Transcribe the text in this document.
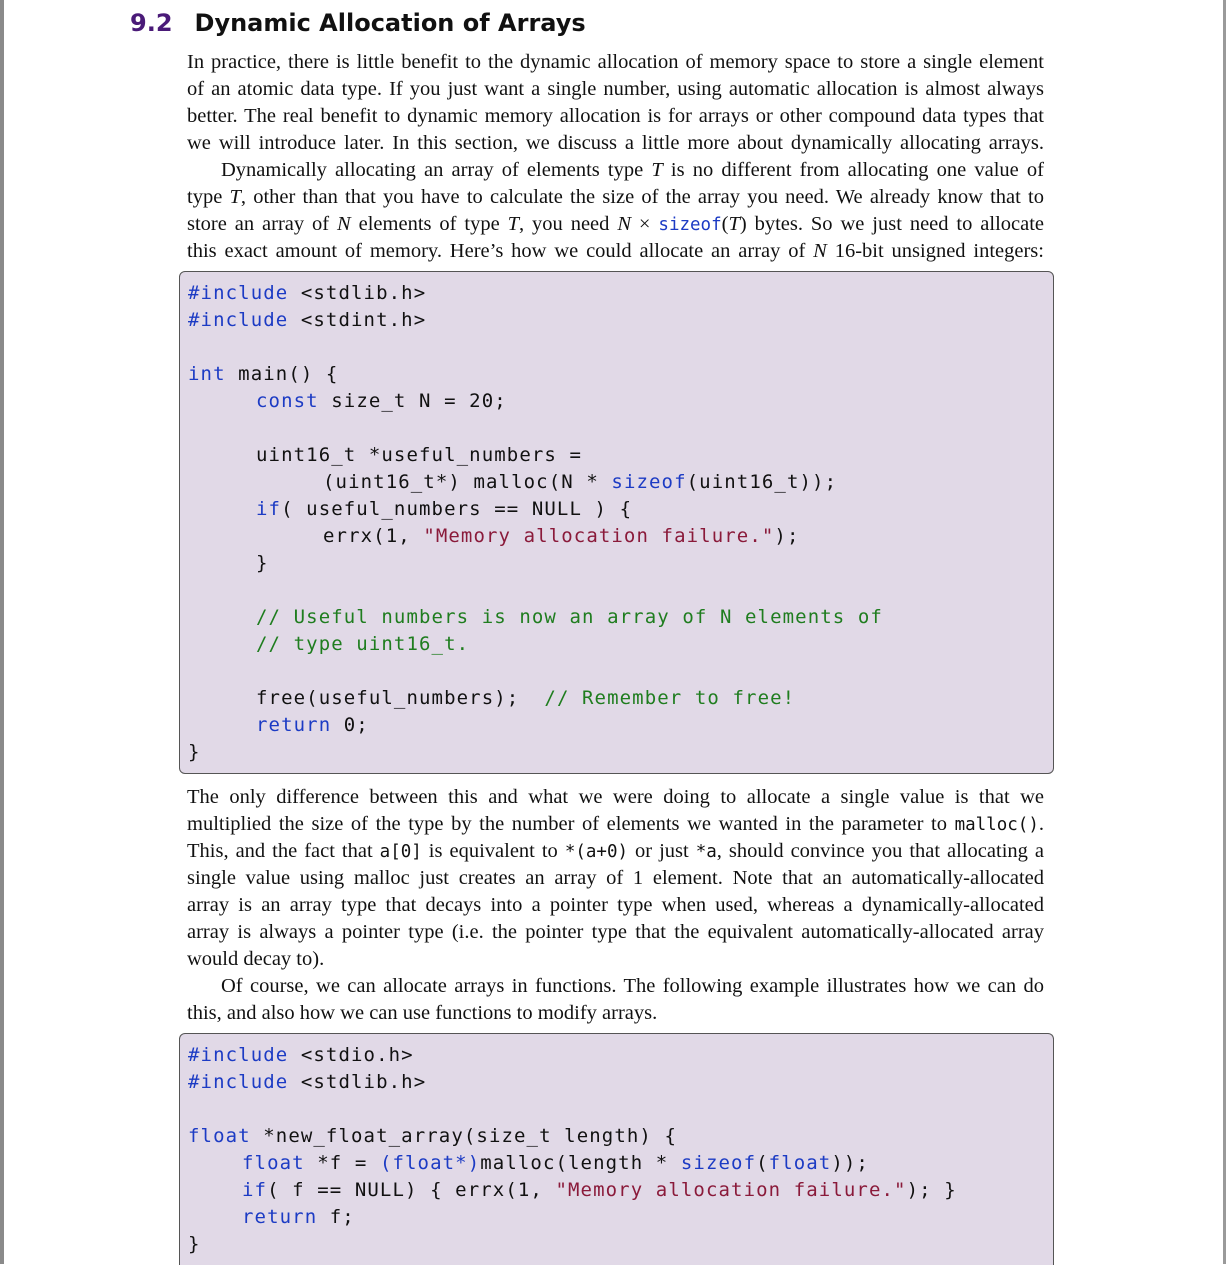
9.2 Dynamic Allocation of Arrays
In practice, there is little benefit to the dynamic allocation of memory space to store a single element
of an atomic data type. If you just want a single number, using automatic allocation is almost always
better. The real benefit to dynamic memory allocation is for arrays or other compound data types that
we will introduce later. In this section, we discuss a little more about dynamically allocating arrays.
Dynamically allocating an array of elements type T is no different from allocating one value of
type T, other than that you have to calculate the size of the array you need. We already know that to
store an array of N elements of type T, you need N × sizeof(T) bytes. So we just need to allocate
this exact amount of memory. Here’s how we could allocate an array of N 16-bit unsigned integers:
#include <stdlib.h>
#include <stdint.h>
int main() {
const size_t N = 20;
uint16_t *useful_numbers =
(uint16_t*) malloc(N * sizeof(uint16_t));
if( useful_numbers == NULL ) {
errx(1, "Memory allocation failure.");
}
// Useful numbers is now an array of N elements of
// type uint16_t.
free(useful_numbers);  // Remember to free!
return 0;
}
The only difference between this and what we were doing to allocate a single value is that we
multiplied the size of the type by the number of elements we wanted in the parameter to malloc().
This, and the fact that a[0] is equivalent to *(a+0) or just *a, should convince you that allocating a
single value using malloc just creates an array of 1 element. Note that an automatically-allocated
array is an array type that decays into a pointer type when used, whereas a dynamically-allocated
array is always a pointer type (i.e. the pointer type that the equivalent automatically-allocated array
would decay to).
Of course, we can allocate arrays in functions. The following example illustrates how we can do
this, and also how we can use functions to modify arrays.
#include <stdio.h>
#include <stdlib.h>
float *new_float_array(size_t length) {
float *f = (float*)malloc(length * sizeof(float));
if( f == NULL) { errx(1, "Memory allocation failure."); }
return f;
}
